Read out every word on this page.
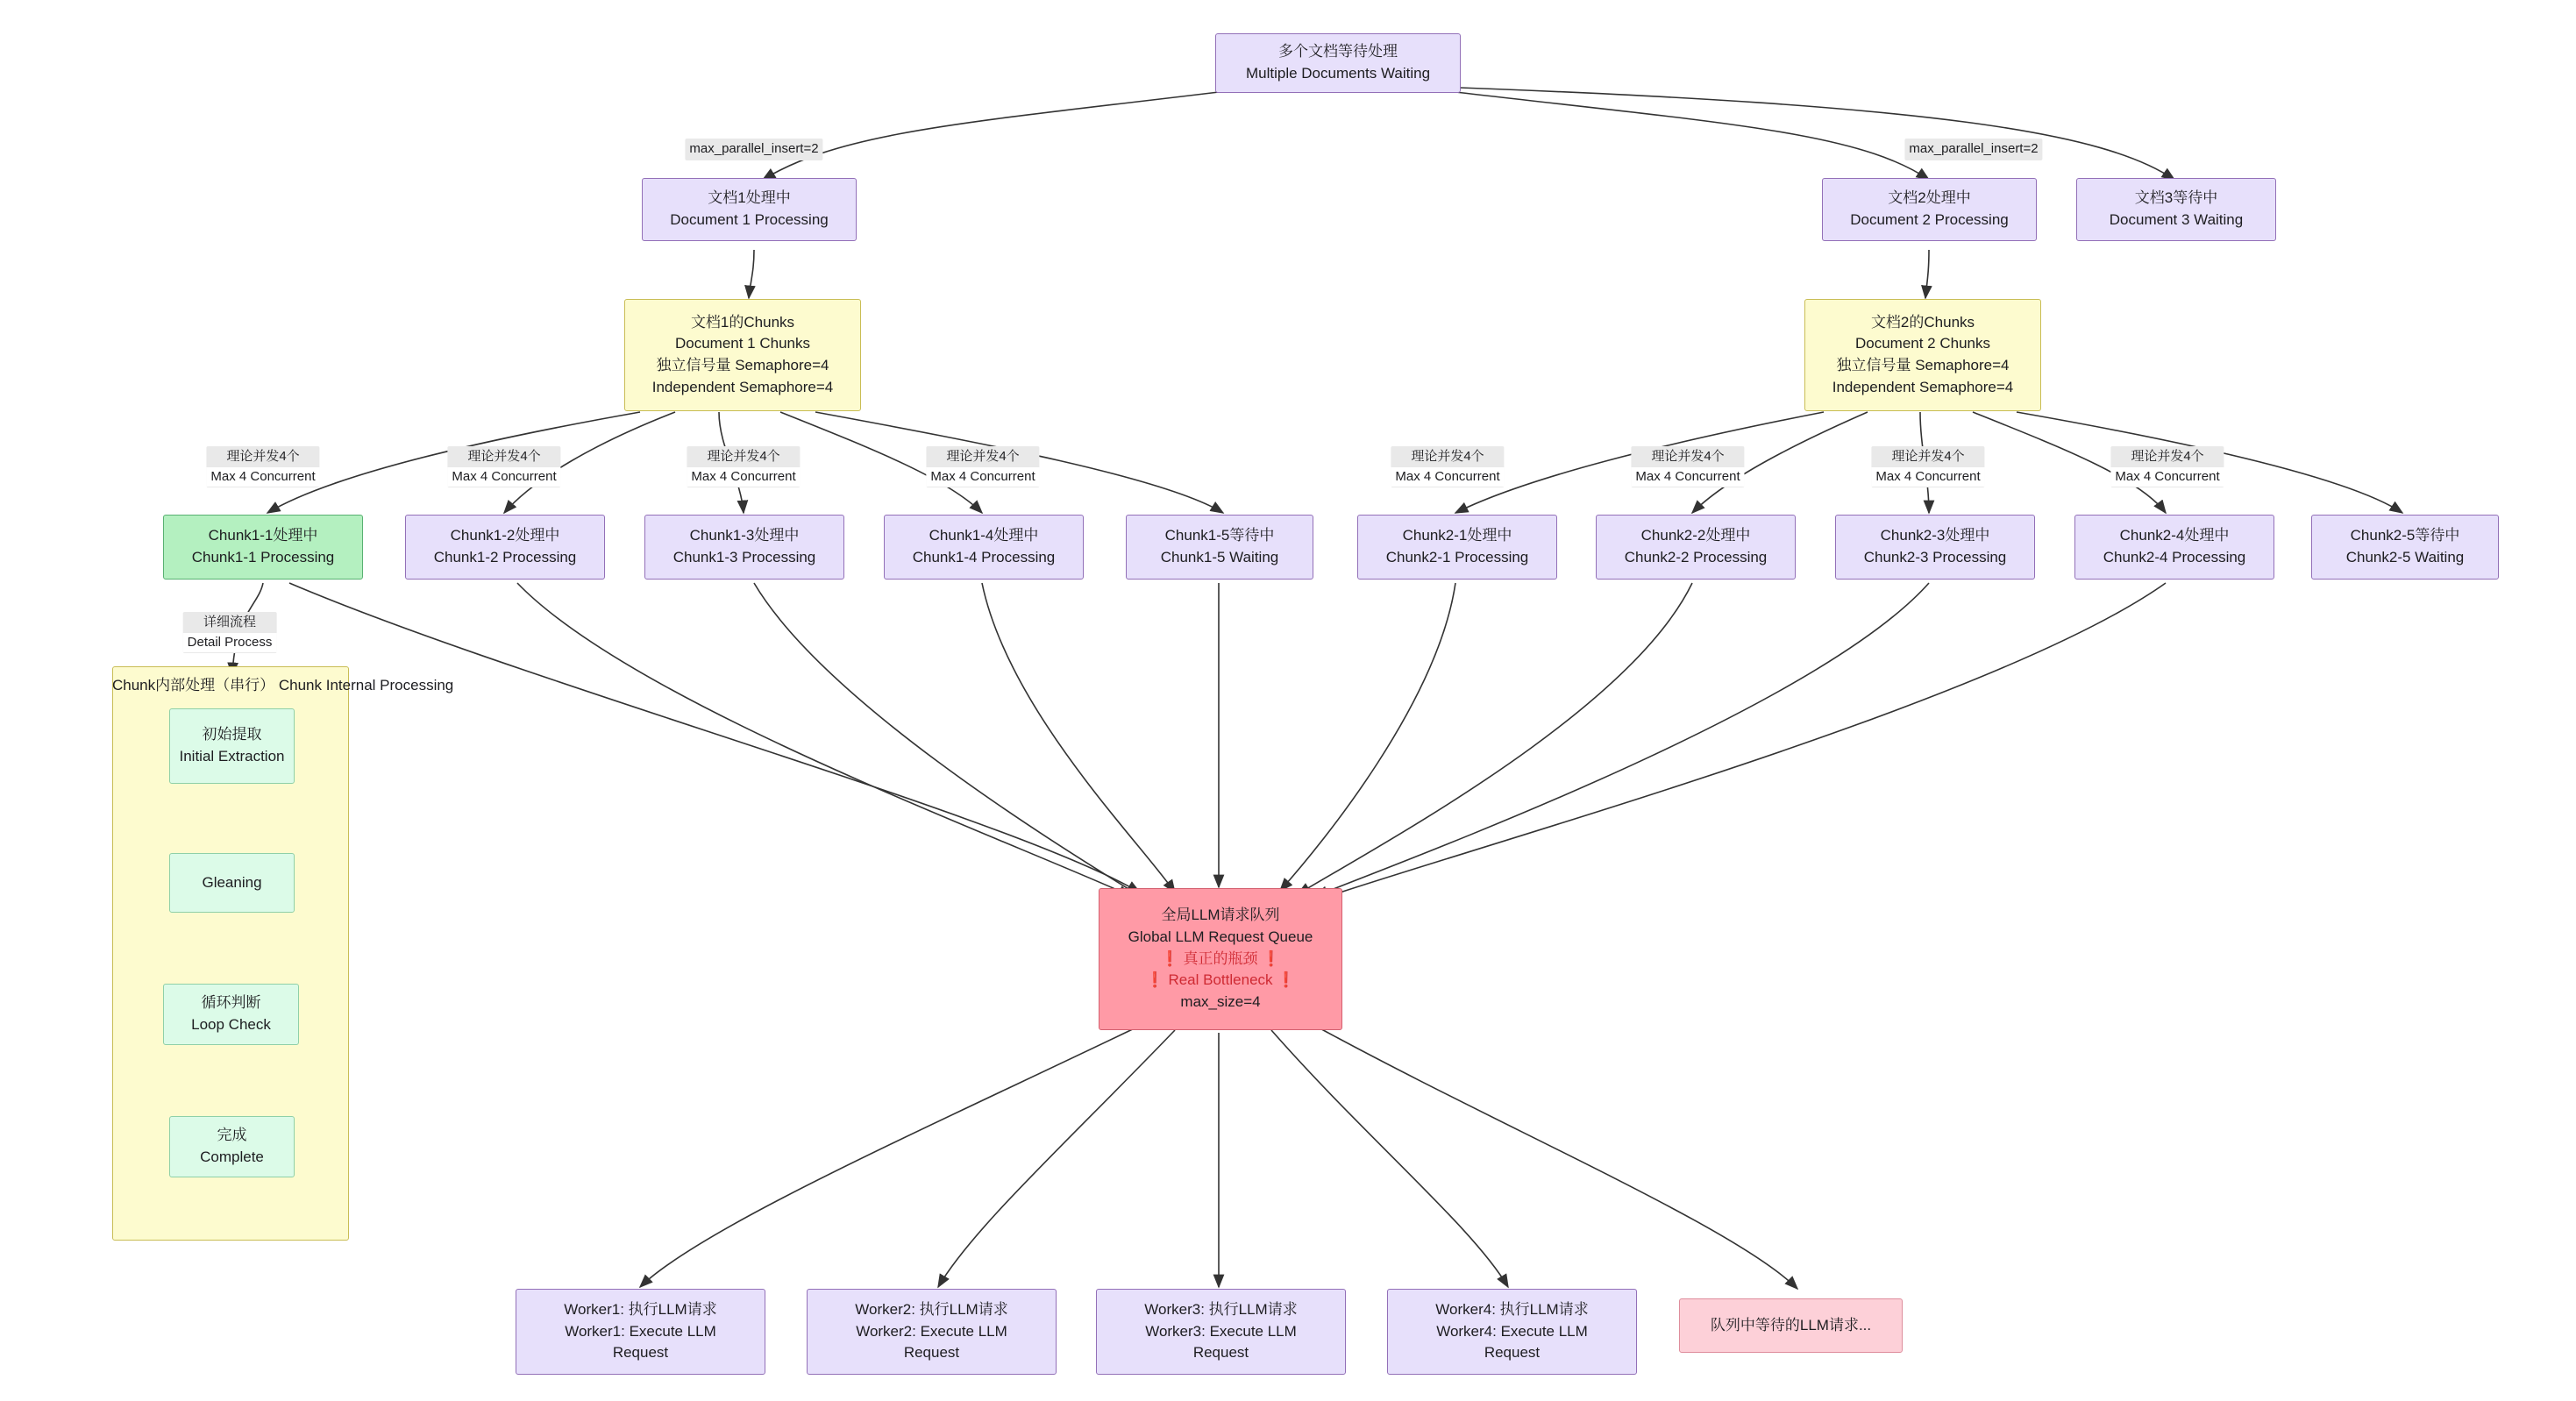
Chunk内部处理（串行） Chunk Internal Processing
多个文档等待处理
Multiple Documents Waiting
文档1处理中
Document 1 Processing
文档2处理中
Document 2 Processing
文档3等待中
Document 3 Waiting
文档1的Chunks
Document 1 Chunks
独立信号量 Semaphore=4
Independent Semaphore=4
文档2的Chunks
Document 2 Chunks
独立信号量 Semaphore=4
Independent Semaphore=4
Chunk1-1处理中
Chunk1-1 Processing
Chunk1-2处理中
Chunk1-2 Processing
Chunk1-3处理中
Chunk1-3 Processing
Chunk1-4处理中
Chunk1-4 Processing
Chunk1-5等待中
Chunk1-5 Waiting
Chunk2-1处理中
Chunk2-1 Processing
Chunk2-2处理中
Chunk2-2 Processing
Chunk2-3处理中
Chunk2-3 Processing
Chunk2-4处理中
Chunk2-4 Processing
Chunk2-5等待中
Chunk2-5 Waiting
初始提取
Initial Extraction
Gleaning
循环判断
Loop Check
完成
Complete
全局LLM请求队列
Global LLM Request Queue
❗ 真正的瓶颈 ❗
❗ Real Bottleneck ❗
max_size=4
Worker1: 执行LLM请求
Worker1: Execute LLM
Request
Worker2: 执行LLM请求
Worker2: Execute LLM
Request
Worker3: 执行LLM请求
Worker3: Execute LLM
Request
Worker4: 执行LLM请求
Worker4: Execute LLM
Request
队列中等待的LLM请求...
max_parallel_insert=2	max_parallel_insert=2
理论并发4个
Max 4 Concurrent
理论并发4个
Max 4 Concurrent
理论并发4个
Max 4 Concurrent
理论并发4个
Max 4 Concurrent
理论并发4个
Max 4 Concurrent
理论并发4个
Max 4 Concurrent
理论并发4个
Max 4 Concurrent
理论并发4个
Max 4 Concurrent
详细流程
Detail Process
